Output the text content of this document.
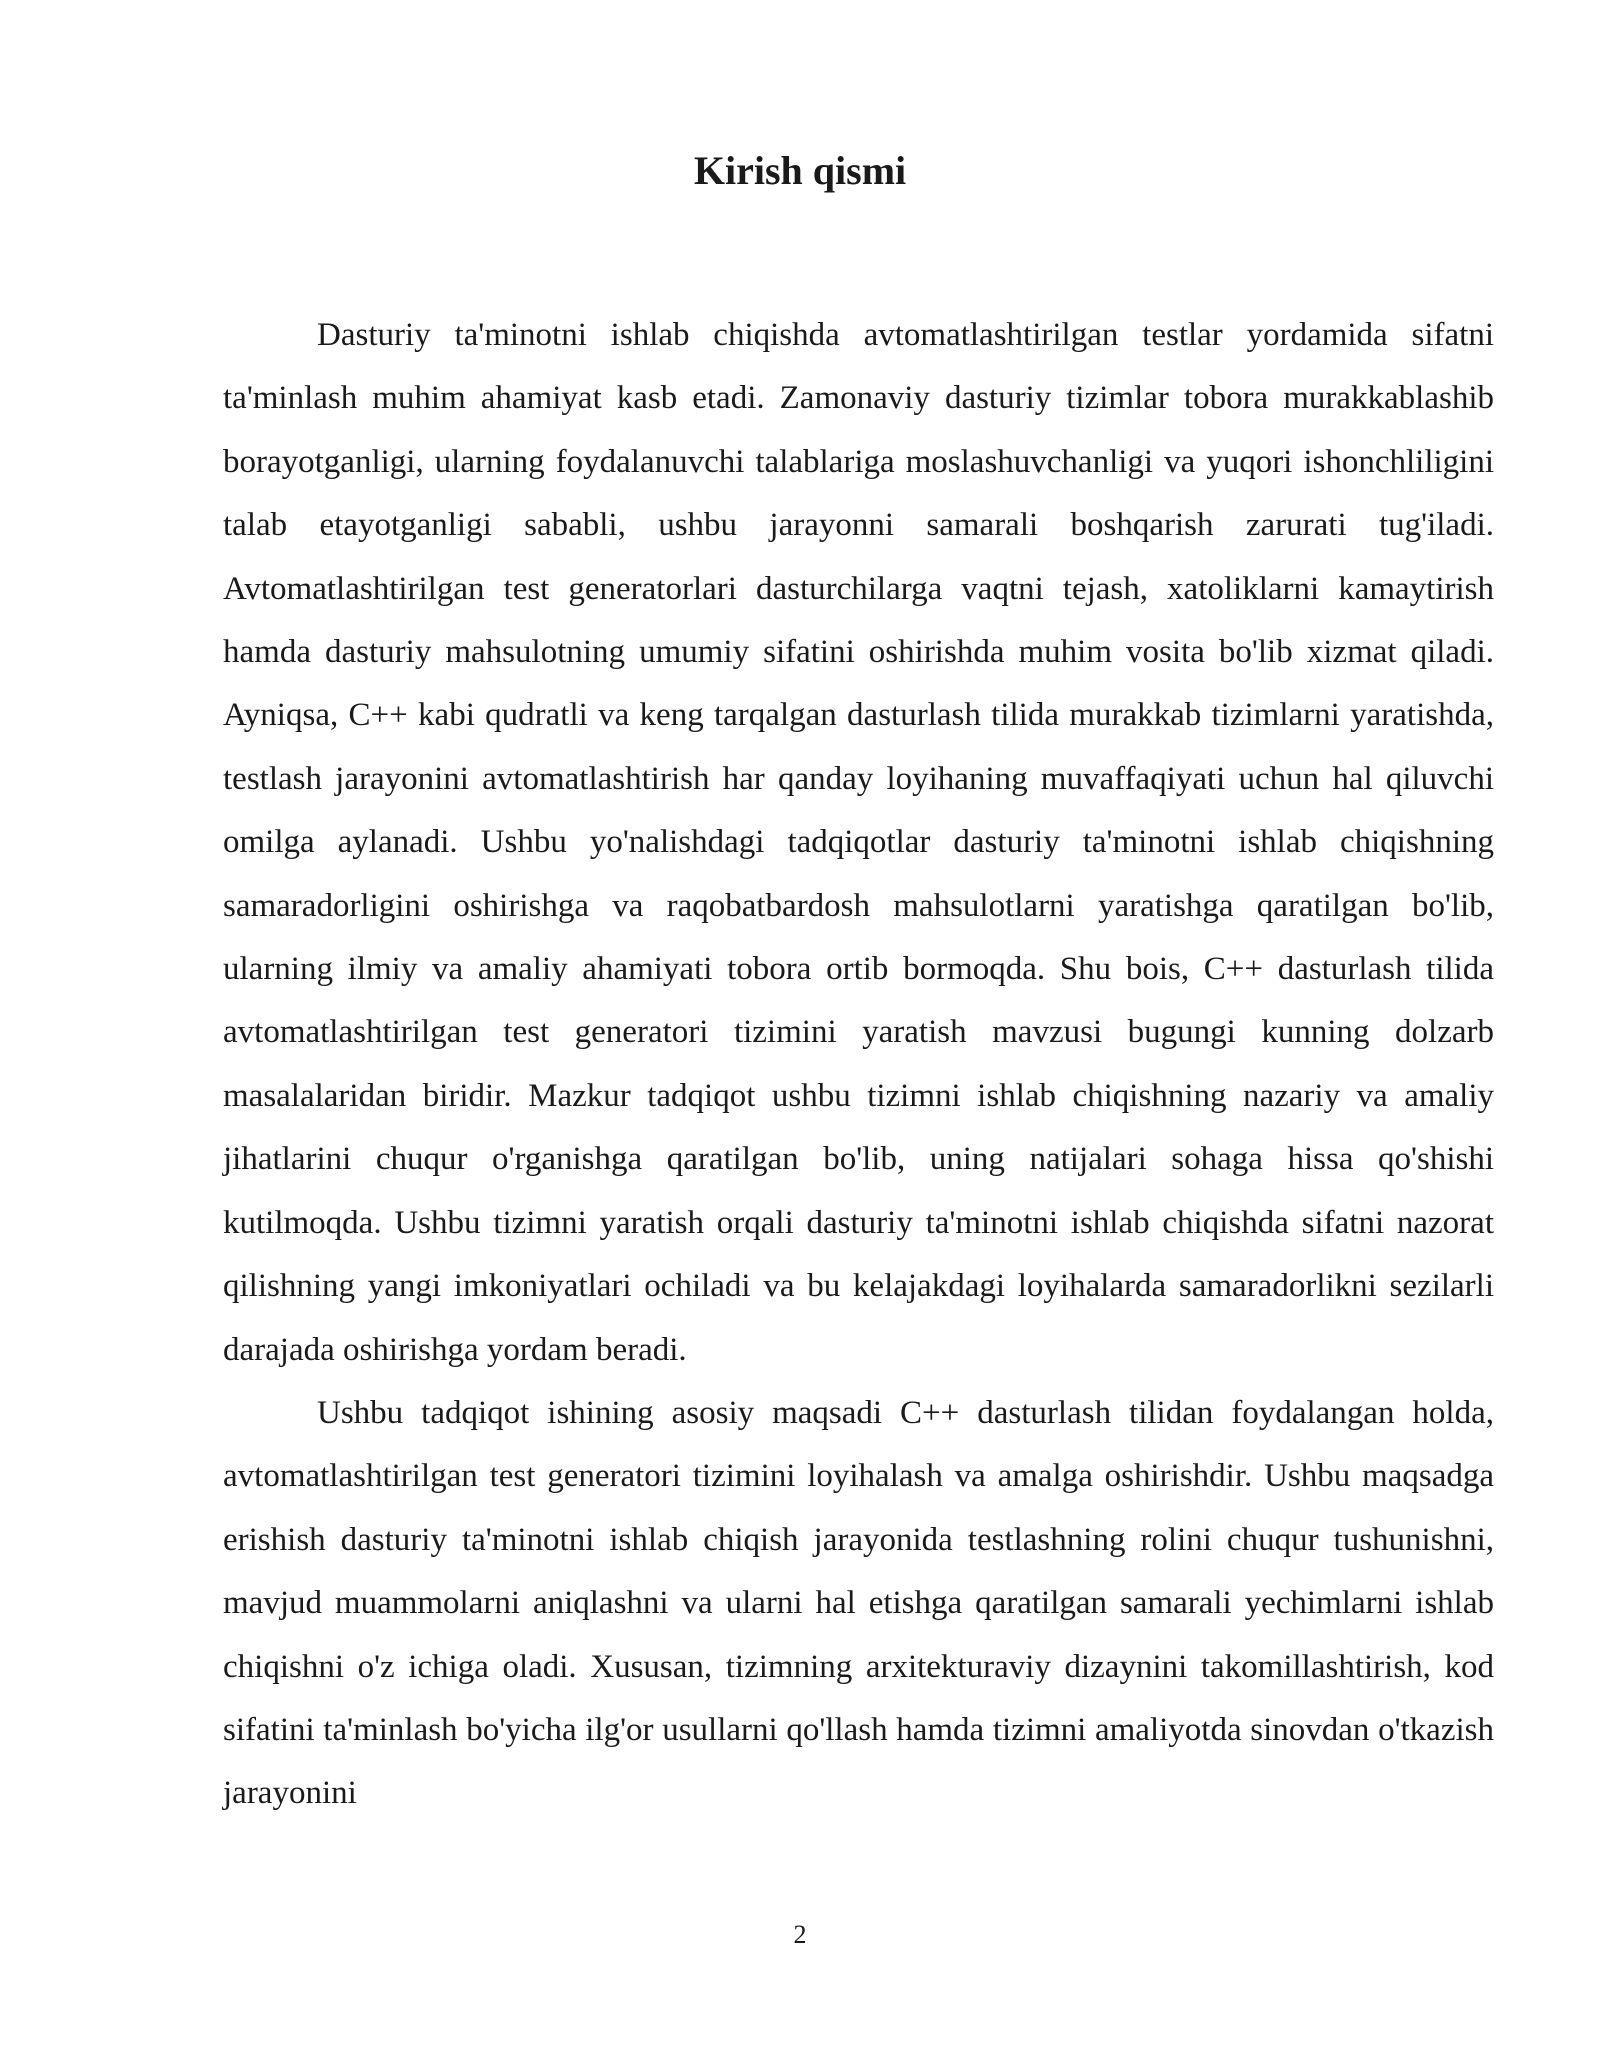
Kirish qismi

Dasturiy ta'minotni ishlab chiqishda avtomatlashtirilgan testlar yordamida sifatni ta'minlash muhim ahamiyat kasb etadi. Zamonaviy dasturiy tizimlar tobora murakkablashib borayotganligi, ularning foydalanuvchi talablariga moslashuvchanligi va yuqori ishonchliligini talab etayotganligi sababli, ushbu jarayonni samarali boshqarish zarurati tug'iladi. Avtomatlashtirilgan test generatorlari dasturchilarga vaqtni tejash, xatoliklarni kamaytirish hamda dasturiy mahsulotning umumiy sifatini oshirishda muhim vosita bo'lib xizmat qiladi. Ayniqsa, C++ kabi qudratli va keng tarqalgan dasturlash tilida murakkab tizimlarni yaratishda, testlash jarayonini avtomatlashtirish har qanday loyihaning muvaffaqiyati uchun hal qiluvchi omilga aylanadi. Ushbu yo'nalishdagi tadqiqotlar dasturiy ta'minotni ishlab chiqishning samaradorligini oshirishga va raqobatbardosh mahsulotlarni yaratishga qaratilgan bo'lib, ularning ilmiy va amaliy ahamiyati tobora ortib bormoqda. Shu bois, C++ dasturlash tilida avtomatlashtirilgan test generatori tizimini yaratish mavzusi bugungi kunning dolzarb masalalaridan biridir. Mazkur tadqiqot ushbu tizimni ishlab chiqishning nazariy va amaliy jihatlarini chuqur o'rganishga qaratilgan bo'lib, uning natijalari sohaga hissa qo'shishi kutilmoqda. Ushbu tizimni yaratish orqali dasturiy ta'minotni ishlab chiqishda sifatni nazorat qilishning yangi imkoniyatlari ochiladi va bu kelajakdagi loyihalarda samaradorlikni sezilarli darajada oshirishga yordam beradi.

Ushbu tadqiqot ishining asosiy maqsadi C++ dasturlash tilidan foydalangan holda, avtomatlashtirilgan test generatori tizimini loyihalash va amalga oshirishdir. Ushbu maqsadga erishish dasturiy ta'minotni ishlab chiqish jarayonida testlashning rolini chuqur tushunishni, mavjud muammolarni aniqlashni va ularni hal etishga qaratilgan samarali yechimlarni ishlab chiqishni o'z ichiga oladi. Xususan, tizimning arxitekturaviy dizaynini takomillashtirish, kod sifatini ta'minlash bo'yicha ilg'or usullarni qo'llash hamda tizimni amaliyotda sinovdan o'tkazish jarayonini

2
